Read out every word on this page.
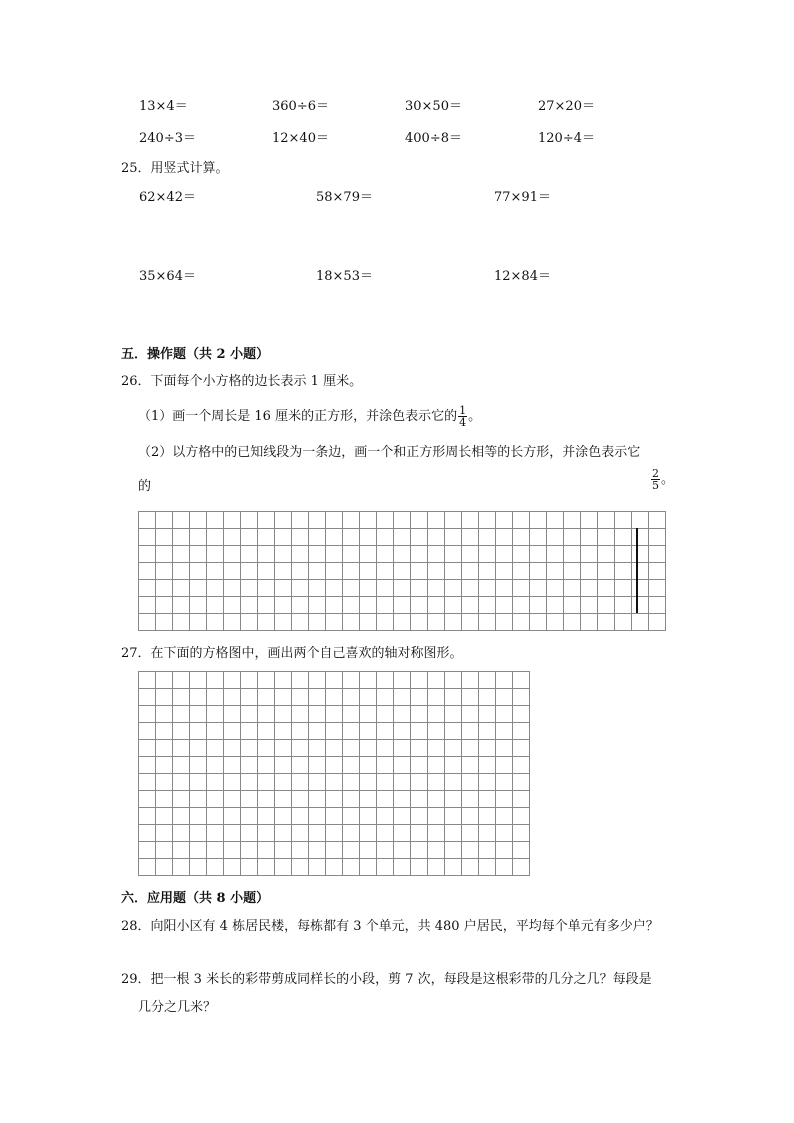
13×4＝	360÷6＝	30×50＝	27×20＝
240÷3＝	12×40＝	400÷8＝	120÷4＝
25．用竖式计算。
62×42＝	58×79＝	77×91＝
35×64＝	18×53＝	12×84＝
五．操作题（共 2 小题）
26．下面每个小方格的边长表示 1 厘米。
（1）画一个周长是 16 厘米的正方形，并涂色表示它的 $\frac{1}{4}$ 。
（2）以方格中的已知线段为一条边，画一个和正方形周长相等的长方形，并涂色表示它
的	$\frac{2}{5}$ 。

27．在下面的方格图中，画出两个自己喜欢的轴对称图形。

六．应用题（共 8 小题）
28．向阳小区有 4 栋居民楼，每栋都有 3 个单元，共 480 户居民，平均每个单元有多少户？
29．把一根 3 米长的彩带剪成同样长的小段，剪 7 次，每段是这根彩带的几分之几？每段是
几分之几米？
